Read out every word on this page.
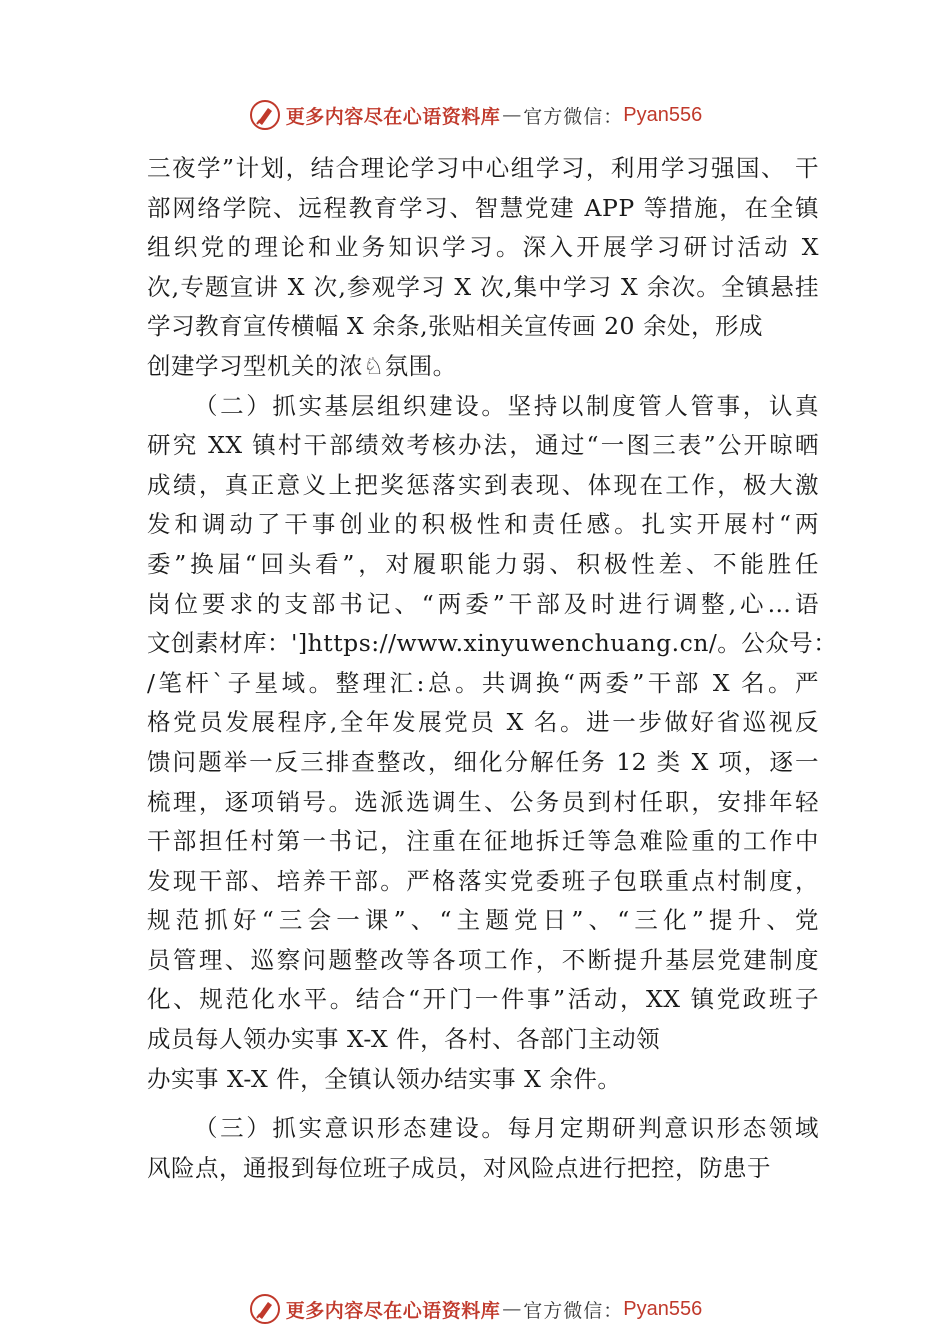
更多内容尽在心语资料库 — 官方微信： Pyan556
三夜学”计划，结合理论学习中心组学习，利用学习强国、 干
部网络学院、远程教育学习、智慧党建 APP 等措施，在全镇
组织党的理论和业务知识学习。深入开展学习研讨活动 X
次,专题宣讲 X 次,参观学习 X 次,集中学习 X 余次。全镇悬挂
学习教育宣传横幅 X 余条,张贴相关宣传画 20 余处，形成
创建学习型机关的浓♘氛围。
（二）抓实基层组织建设。坚持以制度管人管事，认真
研究 XX 镇村干部绩效考核办法，通过“一图三表”公开晾晒
成绩，真正意义上把奖惩落实到表现、体现在工作，极大激
发和调动了干事创业的积极性和责任感。扎实开展村“两
委”换届“回头看”，对履职能力弱、积极性差、不能胜任
岗位要求的支部书记、“两委”干部及时进行调整,心…语
文创素材库：']https://www.xinyuwenchuang.cn/。公众号：
/笔杆`子星域。整理汇:总。共调换“两委”干部 X 名。严
格党员发展程序,全年发展党员 X 名。进一步做好省巡视反
馈问题举一反三排查整改，细化分解任务 12 类 X 项，逐一
梳理，逐项销号。选派选调生、公务员到村任职，安排年轻
干部担任村第一书记，注重在征地拆迁等急难险重的工作中
发现干部、培养干部。严格落实党委班子包联重点村制度，
规范抓好“三会一课”、“主题党日”、“三化”提升、党
员管理、巡察问题整改等各项工作，不断提升基层党建制度
化、规范化水平。结合“开门一件事”活动，XX 镇党政班子
成员每人领办实事 X-X 件，各村、各部门主动领
办实事 X-X 件，全镇认领办结实事 X 余件。
（三）抓实意识形态建设。每月定期研判意识形态领域
风险点，通报到每位班子成员，对风险点进行把控，防患于
更多内容尽在心语资料库 — 官方微信： Pyan556
